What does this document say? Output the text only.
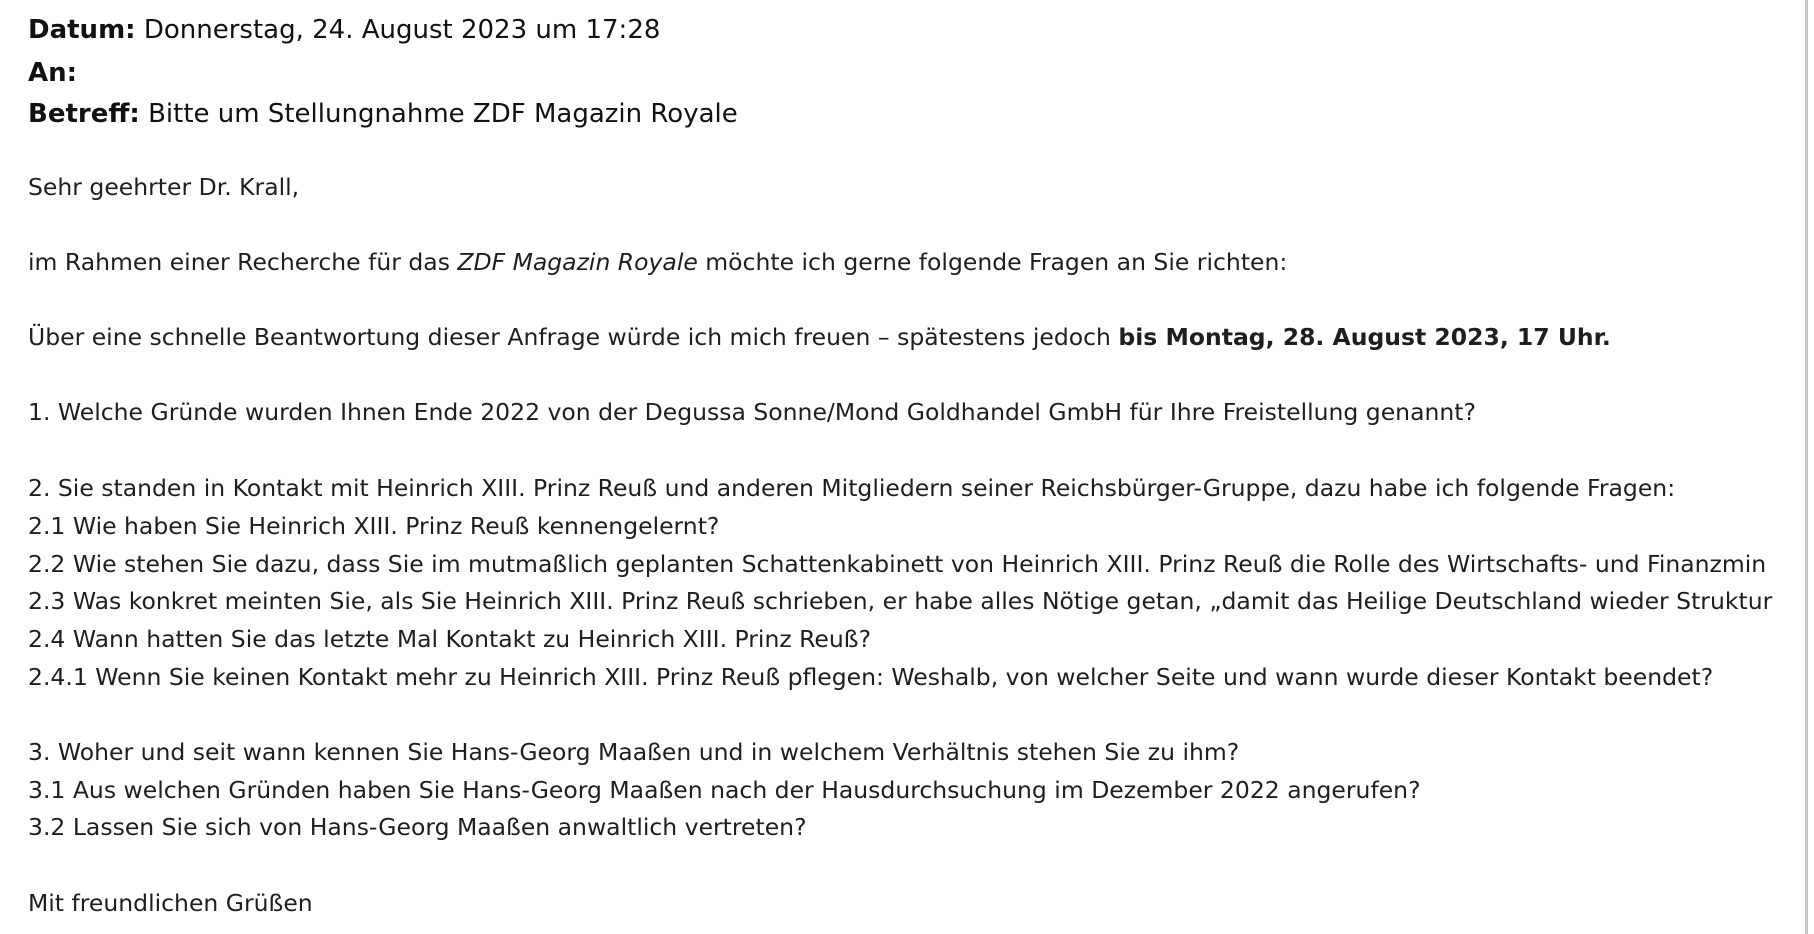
Datum: Donnerstag, 24. August 2023 um 17:28
An:
Betreff: Bitte um Stellungnahme ZDF Magazin Royale
Sehr geehrter Dr. Krall,
im Rahmen einer Recherche für das ZDF Magazin Royale möchte ich gerne folgende Fragen an Sie richten:
Über eine schnelle Beantwortung dieser Anfrage würde ich mich freuen – spätestens jedoch bis Montag, 28. August 2023, 17 Uhr.
1. Welche Gründe wurden Ihnen Ende 2022 von der Degussa Sonne/Mond Goldhandel GmbH für Ihre Freistellung genannt?
2. Sie standen in Kontakt mit Heinrich XIII. Prinz Reuß und anderen Mitgliedern seiner Reichsbürger-Gruppe, dazu habe ich folgende Fragen:
2.1 Wie haben Sie Heinrich XIII. Prinz Reuß kennengelernt?
2.2 Wie stehen Sie dazu, dass Sie im mutmaßlich geplanten Schattenkabinett von Heinrich XIII. Prinz Reuß die Rolle des Wirtschafts- und Finanzmin
2.3 Was konkret meinten Sie, als Sie Heinrich XIII. Prinz Reuß schrieben, er habe alles Nötige getan, „damit das Heilige Deutschland wieder Struktur
2.4 Wann hatten Sie das letzte Mal Kontakt zu Heinrich XIII. Prinz Reuß?
2.4.1 Wenn Sie keinen Kontakt mehr zu Heinrich XIII. Prinz Reuß pflegen: Weshalb, von welcher Seite und wann wurde dieser Kontakt beendet?
3. Woher und seit wann kennen Sie Hans-Georg Maaßen und in welchem Verhältnis stehen Sie zu ihm?
3.1 Aus welchen Gründen haben Sie Hans-Georg Maaßen nach der Hausdurchsuchung im Dezember 2022 angerufen?
3.2 Lassen Sie sich von Hans-Georg Maaßen anwaltlich vertreten?
Mit freundlichen Grüßen
